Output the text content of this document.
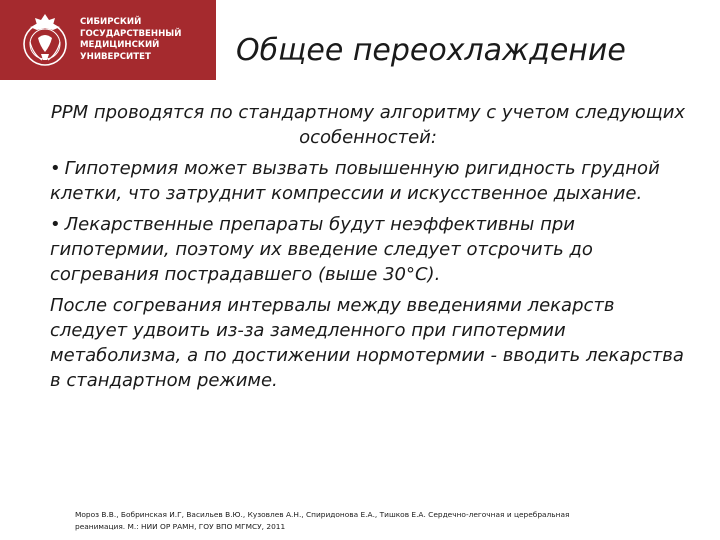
СИБИРСКИЙ
ГОСУДАРСТВЕННЫЙ
МЕДИЦИНСКИЙ
УНИВЕРСИТЕТ	Общее переохлаждение

РРМ проводятся по стандартному алгоритму с учетом следующих особенностей:

• Гипотермия может вызвать повышенную ригидность грудной клетки, что затруднит компрессии и искусственное дыхание.

• Лекарственные препараты будут неэффективны при гипотермии, поэтому их введение следует отсрочить до согревания пострадавшего (выше 30°С).

После согревания интервалы между введениями лекарств следует удвоить из-за замедленного при гипотермии метаболизма, а по достижении нормотермии - вводить лекарства в стандартном режиме.

Мороз В.В., Бобринская И.Г, Васильев В.Ю., Кузовлев А.Н., Спиридонова Е.А., Тишков Е.А. Сердечно-легочная и церебральная
реанимация. М.: НИИ ОР РАМН, ГОУ ВПО МГМСУ, 2011
